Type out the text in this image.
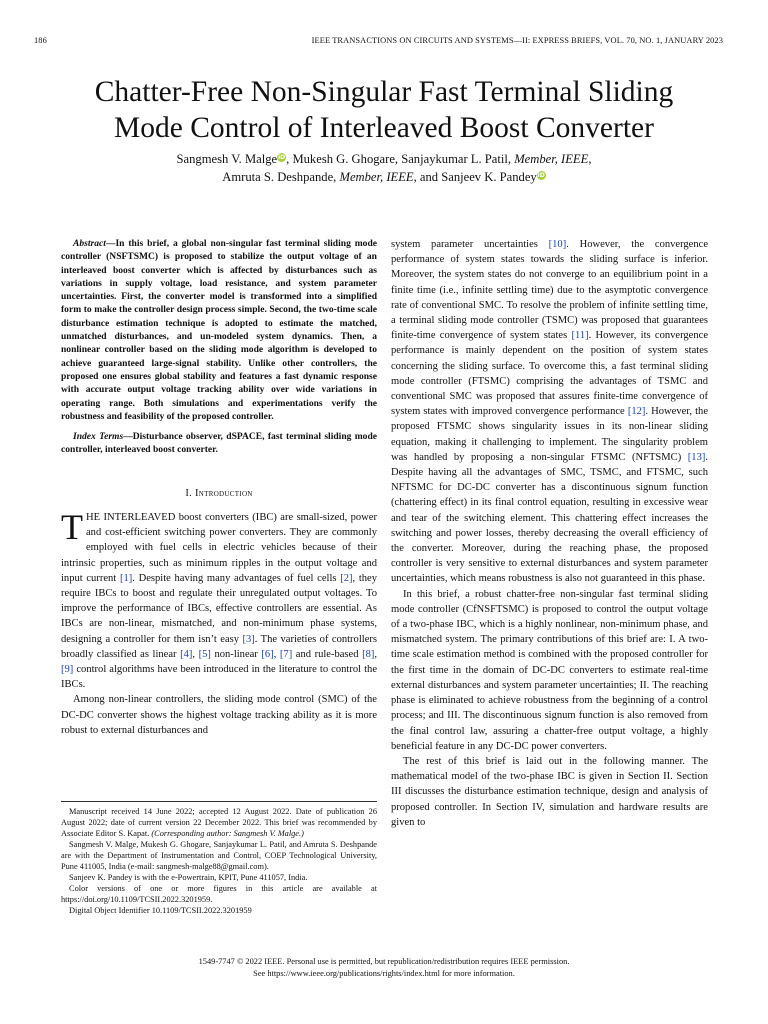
186	IEEE TRANSACTIONS ON CIRCUITS AND SYSTEMS—II: EXPRESS BRIEFS, VOL. 70, NO. 1, JANUARY 2023
Chatter-Free Non-Singular Fast Terminal Sliding
Mode Control of Interleaved Boost Converter
Sangmesh V. MalgeiD, Mukesh G. Ghogare, Sanjaykumar L. Patil, Member, IEEE,
Amruta S. Deshpande, Member, IEEE, and Sanjeev K. PandeyiD

Abstract—In this brief, a global non-singular fast terminal sliding mode controller (NSFTSMC) is proposed to stabilize the output voltage of an interleaved boost converter which is affected by disturbances such as variations in supply voltage, load resistance, and system parameter uncertainties. First, the converter model is transformed into a simplified form to make the controller design process simple. Second, the two-time scale disturbance estimation technique is adopted to estimate the matched, unmatched disturbances, and un-modeled system dynamics. Then, a nonlinear controller based on the sliding mode algorithm is developed to achieve guaranteed large-signal stability. Unlike other controllers, the proposed one ensures global stability and features a fast dynamic response with accurate output voltage tracking ability over wide variations in operating range. Both simulations and experimentations verify the robustness and feasibility of the proposed controller.

Index Terms—Disturbance observer, dSPACE, fast terminal sliding mode controller, interleaved boost converter.

I. Introduction

THE INTERLEAVED boost converters (IBC) are small-sized, power and cost-efficient switching power converters. They are commonly employed with fuel cells in electric vehicles because of their intrinsic properties, such as minimum ripples in the output voltage and input current [1]. Despite having many advantages of fuel cells [2], they require IBCs to boost and regulate their unregulated output voltages. To improve the performance of IBCs, effective controllers are essential. As IBCs are non-linear, mismatched, and non-minimum phase systems, designing a controller for them isn’t easy [3]. The varieties of controllers broadly classified as linear [4], [5] non-linear [6], [7] and rule-based [8], [9] control algorithms have been introduced in the literature to control the IBCs.

Among non-linear controllers, the sliding mode control (SMC) of the DC-DC converter shows the highest voltage tracking ability as it is more robust to external disturbances and

Manuscript received 14 June 2022; accepted 12 August 2022. Date of publication 26 August 2022; date of current version 22 December 2022. This brief was recommended by Associate Editor S. Kapat. (Corresponding author: Sangmesh V. Malge.)

Sangmesh V. Malge, Mukesh G. Ghogare, Sanjaykumar L. Patil, and Amruta S. Deshpande are with the Department of Instrumentation and Control, COEP Technological University, Pune 411005, India (e-mail: sangmesh-malge88@gmail.com).

Sanjeev K. Pandey is with the e-Powertrain, KPIT, Pune 411057, India.

Color versions of one or more figures in this article are available at https://doi.org/10.1109/TCSII.2022.3201959.

Digital Object Identifier 10.1109/TCSII.2022.3201959

system parameter uncertainties [10]. However, the convergence performance of system states towards the sliding surface is inferior. Moreover, the system states do not converge to an equilibrium point in a finite time (i.e., infinite settling time) due to the asymptotic convergence rate of conventional SMC. To resolve the problem of infinite settling time, a terminal sliding mode controller (TSMC) was proposed that guarantees finite-time convergence of system states [11]. However, its convergence performance is mainly dependent on the position of system states concerning the sliding surface. To overcome this, a fast terminal sliding mode controller (FTSMC) comprising the advantages of TSMC and conventional SMC was proposed that assures finite-time convergence of system states with improved convergence performance [12]. However, the proposed FTSMC shows singularity issues in its non-linear sliding equation, making it challenging to implement. The singularity problem was handled by proposing a non-singular FTSMC (NFTSMC) [13]. Despite having all the advantages of SMC, TSMC, and FTSMC, such NFTSMC for DC-DC converter has a discontinuous signum function (chattering effect) in its final control equation, resulting in excessive wear and tear of the switching element. This chattering effect increases the switching and power losses, thereby decreasing the overall efficiency of the converter. Moreover, during the reaching phase, the proposed controller is very sensitive to external disturbances and system parameter uncertainties, which means robustness is also not guaranteed in this phase.

In this brief, a robust chatter-free non-singular fast terminal sliding mode controller (CfNSFTSMC) is proposed to control the output voltage of a two-phase IBC, which is a highly nonlinear, non-minimum phase, and mismatched system. The primary contributions of this brief are: I. A two-time scale estimation method is combined with the proposed controller for the first time in the domain of DC-DC converters to estimate real-time external disturbances and system parameter uncertainties; II. The reaching phase is eliminated to achieve robustness from the beginning of a control process; and III. The discontinuous signum function is also removed from the final control law, assuring a chatter-free output voltage, a highly beneficial feature in any DC-DC power converters.

The rest of this brief is laid out in the following manner. The mathematical model of the two-phase IBC is given in Section II. Section III discusses the disturbance estimation technique, design and analysis of proposed controller. In Section IV, simulation and hardware results are given to

1549-7747 © 2022 IEEE. Personal use is permitted, but republication/redistribution requires IEEE permission.
See https://www.ieee.org/publications/rights/index.html for more information.
